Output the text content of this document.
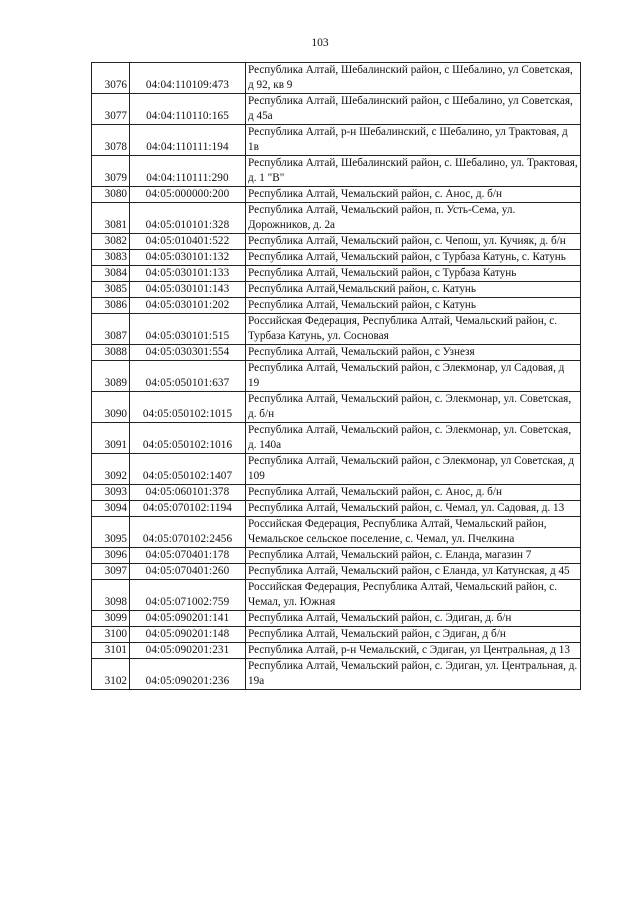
103
3076	04:04:110109:473	Республика Алтай, Шебалинский район, с Шебалино, ул Советская, д 92, кв 9
3077	04:04:110110:165	Республика Алтай, Шебалинский район, с Шебалино, ул Советская, д 45а
3078	04:04:110111:194	Республика Алтай, р-н Шебалинский, с Шебалино, ул Трактовая, д 1в
3079	04:04:110111:290	Республика Алтай, Шебалинский район, с. Шебалино, ул. Трактовая, д. 1 "В"
3080	04:05:000000:200	Республика Алтай, Чемальский район, с. Анос, д. б/н
3081	04:05:010101:328	Республика Алтай, Чемальский район, п. Усть-Сема, ул. Дорожников, д. 2а
3082	04:05:010401:522	Республика Алтай, Чемальский район, с. Чепош, ул. Кучияк, д. б/н
3083	04:05:030101:132	Республика Алтай, Чемальский район, с Турбаза Катунь, с. Катунь
3084	04:05:030101:133	Республика Алтай, Чемальский район, с Турбаза Катунь
3085	04:05:030101:143	Республика Алтай,Чемальский район, с. Катунь
3086	04:05:030101:202	Республика Алтай, Чемальский район, с Катунь
3087	04:05:030101:515	Российская Федерация, Республика Алтай, Чемальский район, с. Турбаза Катунь, ул. Сосновая
3088	04:05:030301:554	Республика Алтай, Чемальский район, с Узнезя
3089	04:05:050101:637	Республика Алтай, Чемальский район, с Элекмонар, ул Садовая, д 19
3090	04:05:050102:1015	Республика Алтай, Чемальский район, с. Элекмонар, ул. Советская, д. б/н
3091	04:05:050102:1016	Республика Алтай, Чемальский район, с. Элекмонар, ул. Советская, д. 140а
3092	04:05:050102:1407	Республика Алтай, Чемальский район, с Элекмонар, ул Советская, д 109
3093	04:05:060101:378	Республика Алтай, Чемальский район, с. Анос, д. б/н
3094	04:05:070102:1194	Республика Алтай, Чемальский район, с. Чемал, ул. Садовая, д. 13
3095	04:05:070102:2456	Российская Федерация, Республика Алтай, Чемальский район, Чемальское сельское поселение, с. Чемал, ул. Пчелкина
3096	04:05:070401:178	Республика Алтай, Чемальский район, с. Еланда, магазин 7
3097	04:05:070401:260	Республика Алтай, Чемальский район, с Еланда, ул Катунская, д 45
3098	04:05:071002:759	Российская Федерация, Республика Алтай, Чемальский район, с. Чемал, ул. Южная
3099	04:05:090201:141	Республика Алтай, Чемальский район, с. Эдиган, д. б/н
3100	04:05:090201:148	Республика Алтай, Чемальский район, с Эдиган, д б/н
3101	04:05:090201:231	Республика Алтай, р-н Чемальский, с Эдиган, ул Центральная, д 13
3102	04:05:090201:236	Республика Алтай, Чемальский район, с. Эдиган, ул. Центральная, д. 19а
